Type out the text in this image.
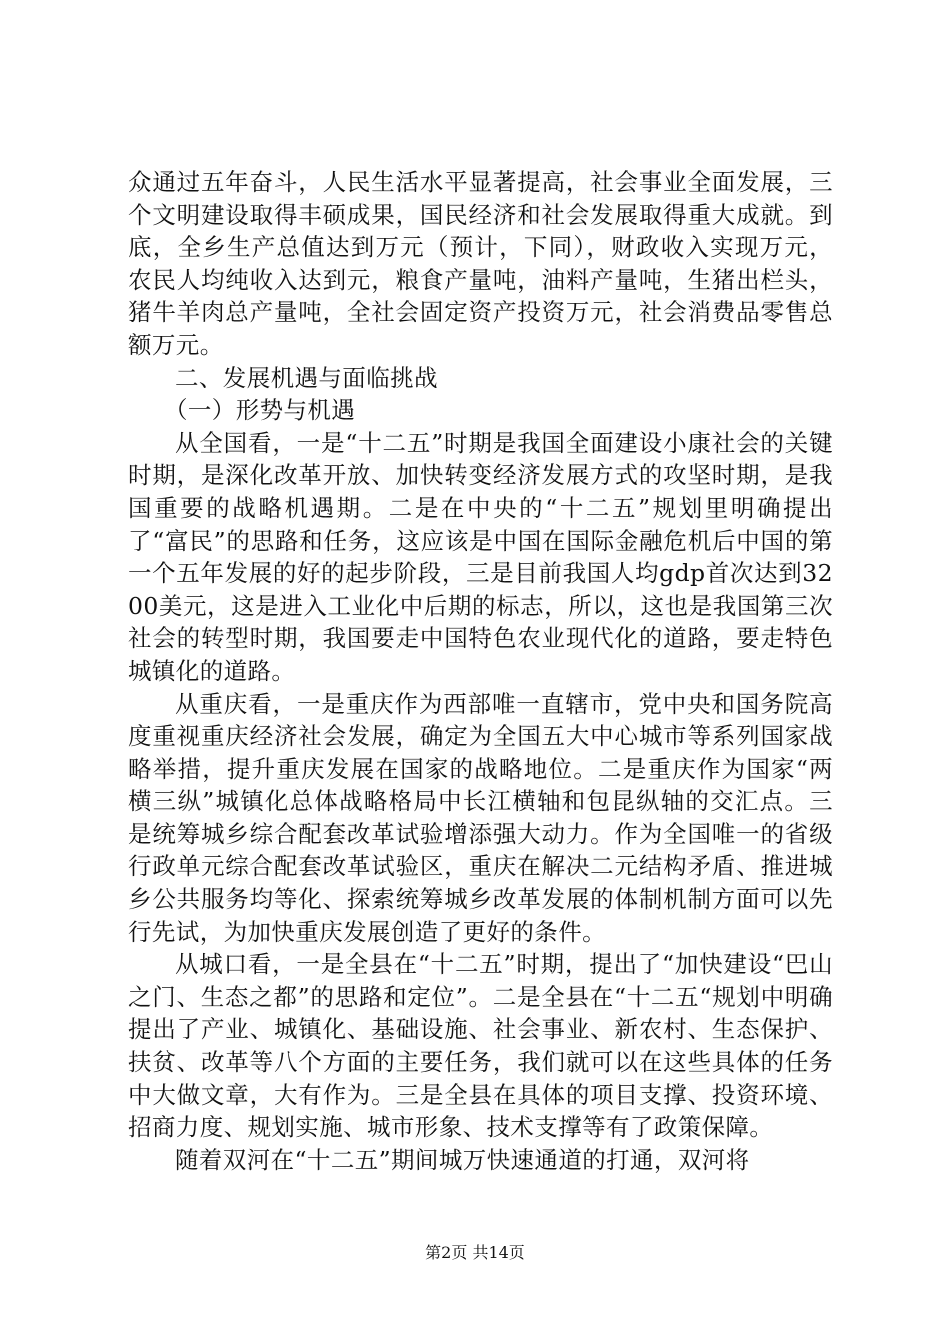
众通过五年奋斗，人民生活水平显著提高，社会事业全面发展，三个文明建设取得丰硕成果，国民经济和社会发展取得重大成就。到底，全乡生产总值达到万元（预计，下同），财政收入实现万元，农民人均纯收入达到元，粮食产量吨，油料产量吨，生猪出栏头，猪牛羊肉总产量吨，全社会固定资产投资万元，社会消费品零售总额万元。

二、发展机遇与面临挑战

（一）形势与机遇

从全国看，一是“十二五”时期是我国全面建设小康社会的关键时期，是深化改革开放、加快转变经济发展方式的攻坚时期，是我国重要的战略机遇期。二是在中央的“十二五”规划里明确提出了“富民”的思路和任务，这应该是中国在国际金融危机后中国的第一个五年发展的好的起步阶段，三是目前我国人均gdp首次达到3200美元，这是进入工业化中后期的标志，所以，这也是我国第三次社会的转型时期，我国要走中国特色农业现代化的道路，要走特色城镇化的道路。

从重庆看，一是重庆作为西部唯一直辖市，党中央和国务院高度重视重庆经济社会发展，确定为全国五大中心城市等系列国家战略举措，提升重庆发展在国家的战略地位。二是重庆作为国家“两横三纵”城镇化总体战略格局中长江横轴和包昆纵轴的交汇点。三是统筹城乡综合配套改革试验增添强大动力。作为全国唯一的省级行政单元综合配套改革试验区，重庆在解决二元结构矛盾、推进城乡公共服务均等化、探索统筹城乡改革发展的体制机制方面可以先行先试，为加快重庆发展创造了更好的条件。

从城口看，一是全县在“十二五”时期，提出了“加快建设“巴山之门、生态之都”的思路和定位”。二是全县在“十二五“规划中明确提出了产业、城镇化、基础设施、社会事业、新农村、生态保护、扶贫、改革等八个方面的主要任务，我们就可以在这些具体的任务中大做文章，大有作为。三是全县在具体的项目支撑、投资环境、招商力度、规划实施、城市形象、技术支撑等有了政策保障。

随着双河在“十二五”期间城万快速通道的打通，双河将

第2页 共14页
